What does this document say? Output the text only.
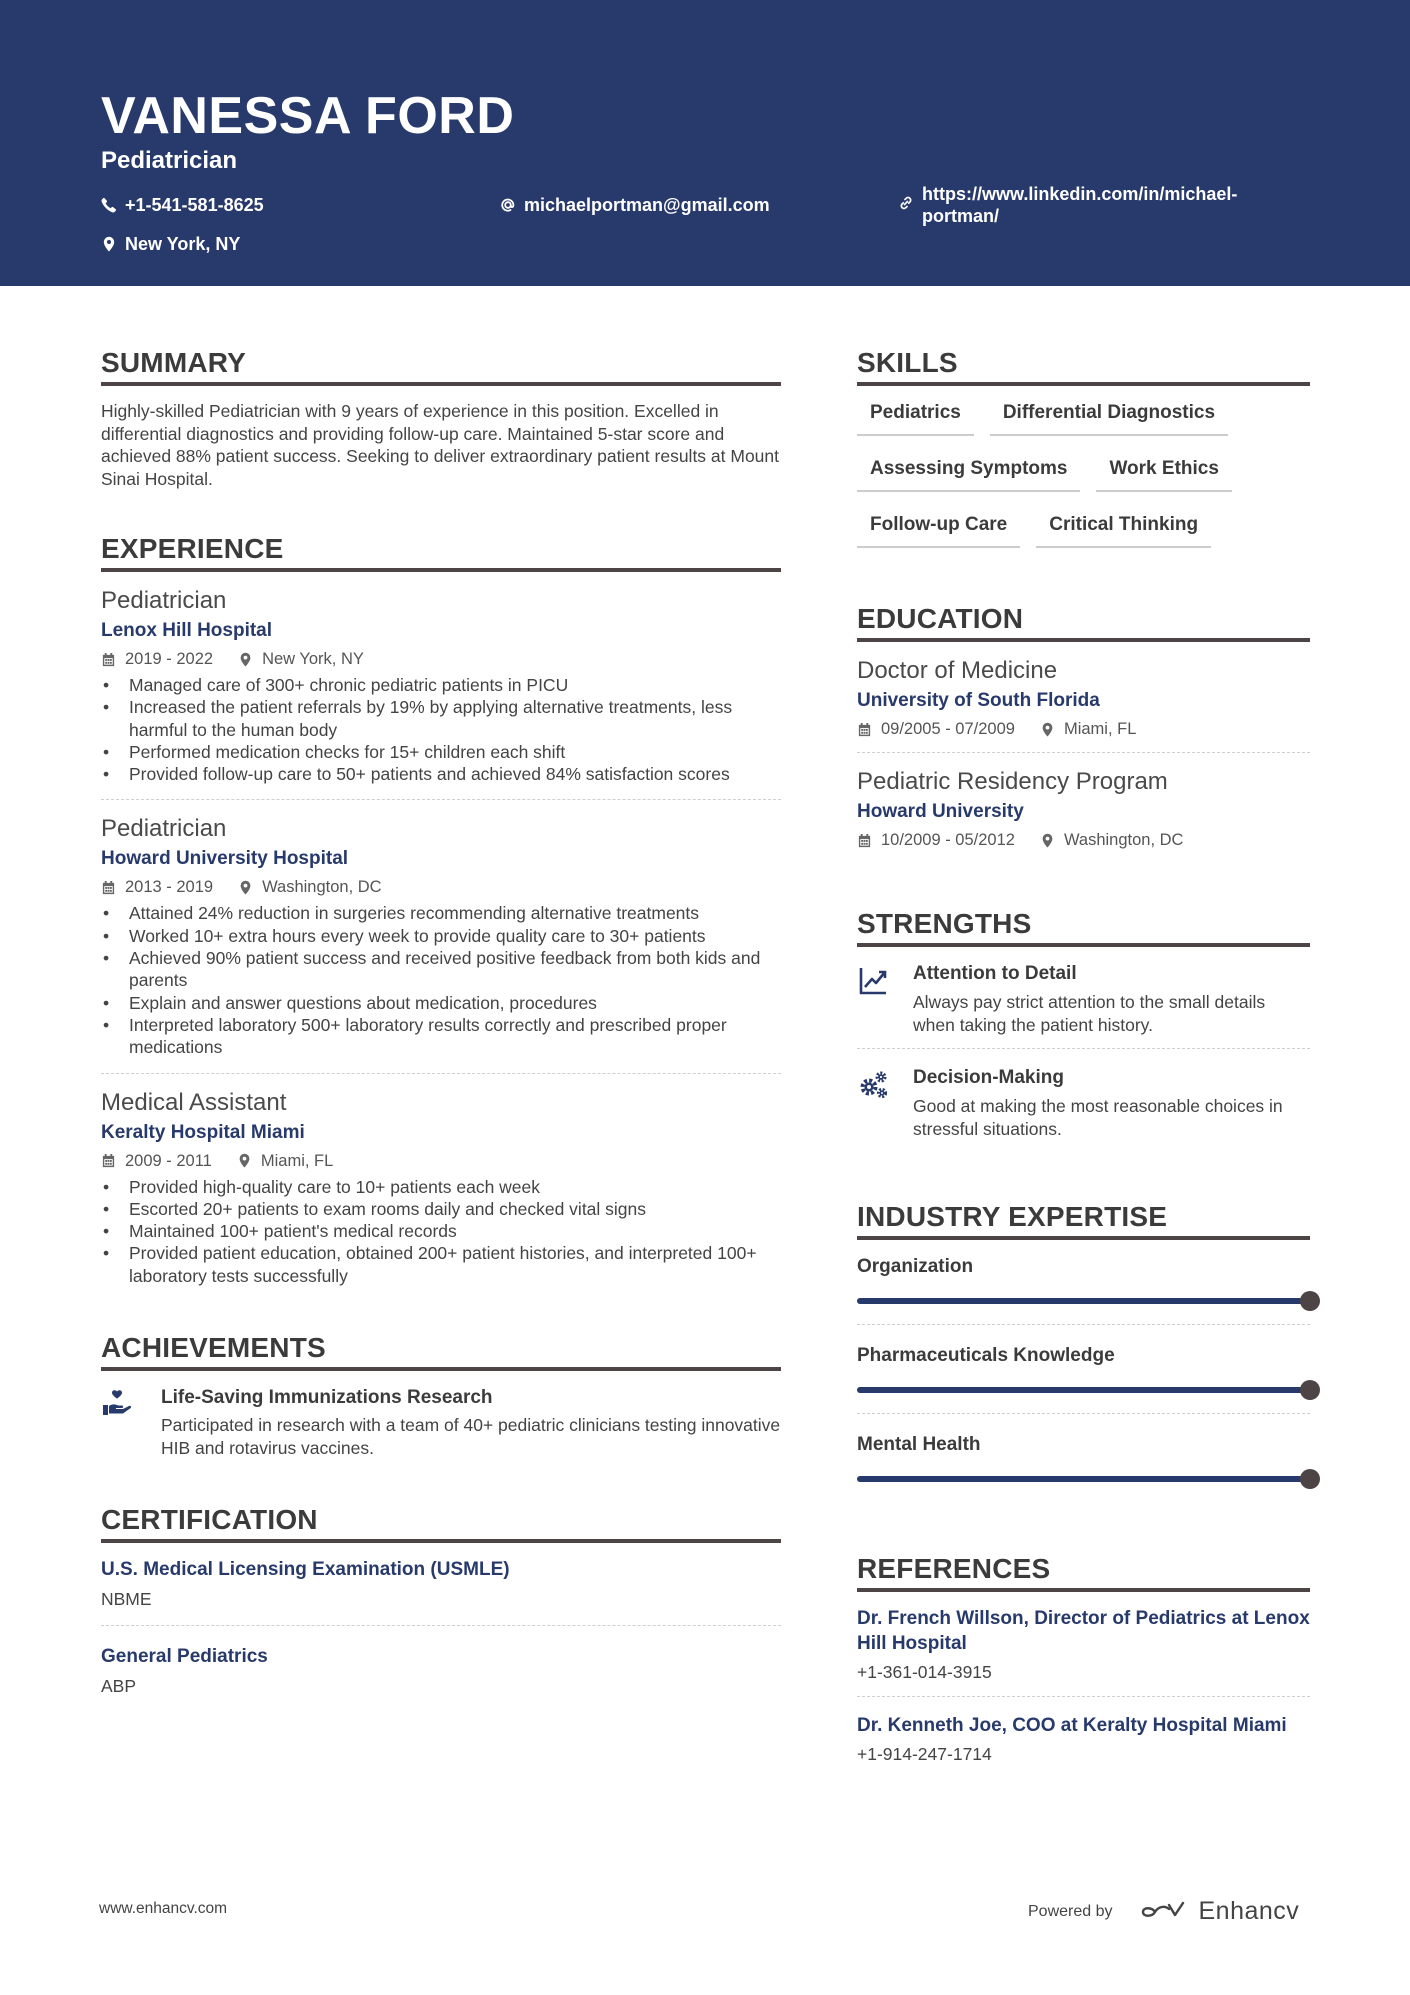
VANESSA FORD
Pediatrician
+1-541-581-8625	michaelportman@gmail.com
https://www.linkedin.com/in/michael-
portman/
New York, NY
SUMMARY
Highly-skilled Pediatrician with 9 years of experience in this position. Excelled in differential diagnostics and providing follow-up care. Maintained 5-star score and achieved 88% patient success. Seeking to deliver extraordinary patient results at Mount Sinai Hospital.
EXPERIENCE
Pediatrician
Lenox Hill Hospital
2019 - 2022	New York, NY
• Managed care of 300+ chronic pediatric patients in PICU
• Increased the patient referrals by 19% by applying alternative treatments, less harmful to the human body
• Performed medication checks for 15+ children each shift
• Provided follow-up care to 50+ patients and achieved 84% satisfaction scores
Pediatrician
Howard University Hospital
2013 - 2019	Washington, DC
• Attained 24% reduction in surgeries recommending alternative treatments
• Worked 10+ extra hours every week to provide quality care to 30+ patients
• Achieved 90% patient success and received positive feedback from both kids and parents
• Explain and answer questions about medication, procedures
• Interpreted laboratory 500+ laboratory results correctly and prescribed proper medications
Medical Assistant
Keralty Hospital Miami
2009 - 2011	Miami, FL
• Provided high-quality care to 10+ patients each week
• Escorted 20+ patients to exam rooms daily and checked vital signs
• Maintained 100+ patient's medical records
• Provided patient education, obtained 200+ patient histories, and interpreted 100+ laboratory tests successfully
ACHIEVEMENTS
Life-Saving Immunizations Research
Participated in research with a team of 40+ pediatric clinicians testing innovative HIB and rotavirus vaccines.
CERTIFICATION
U.S. Medical Licensing Examination (USMLE)
NBME
General Pediatrics
ABP
SKILLS
Pediatrics	Differential Diagnostics
Assessing Symptoms	Work Ethics
Follow-up Care	Critical Thinking
EDUCATION
Doctor of Medicine
University of South Florida
09/2005 - 07/2009	Miami, FL
Pediatric Residency Program
Howard University
10/2009 - 05/2012	Washington, DC
STRENGTHS
Attention to Detail
Always pay strict attention to the small details when taking the patient history.
Decision-Making
Good at making the most reasonable choices in stressful situations.
INDUSTRY EXPERTISE
Organization
Pharmaceuticals Knowledge
Mental Health
REFERENCES
Dr. French Willson, Director of Pediatrics at Lenox Hill Hospital
+1-361-014-3915
Dr. Kenneth Joe, COO at Keralty Hospital Miami
+1-914-247-1714
www.enhancv.com	Powered by	Enhancv
